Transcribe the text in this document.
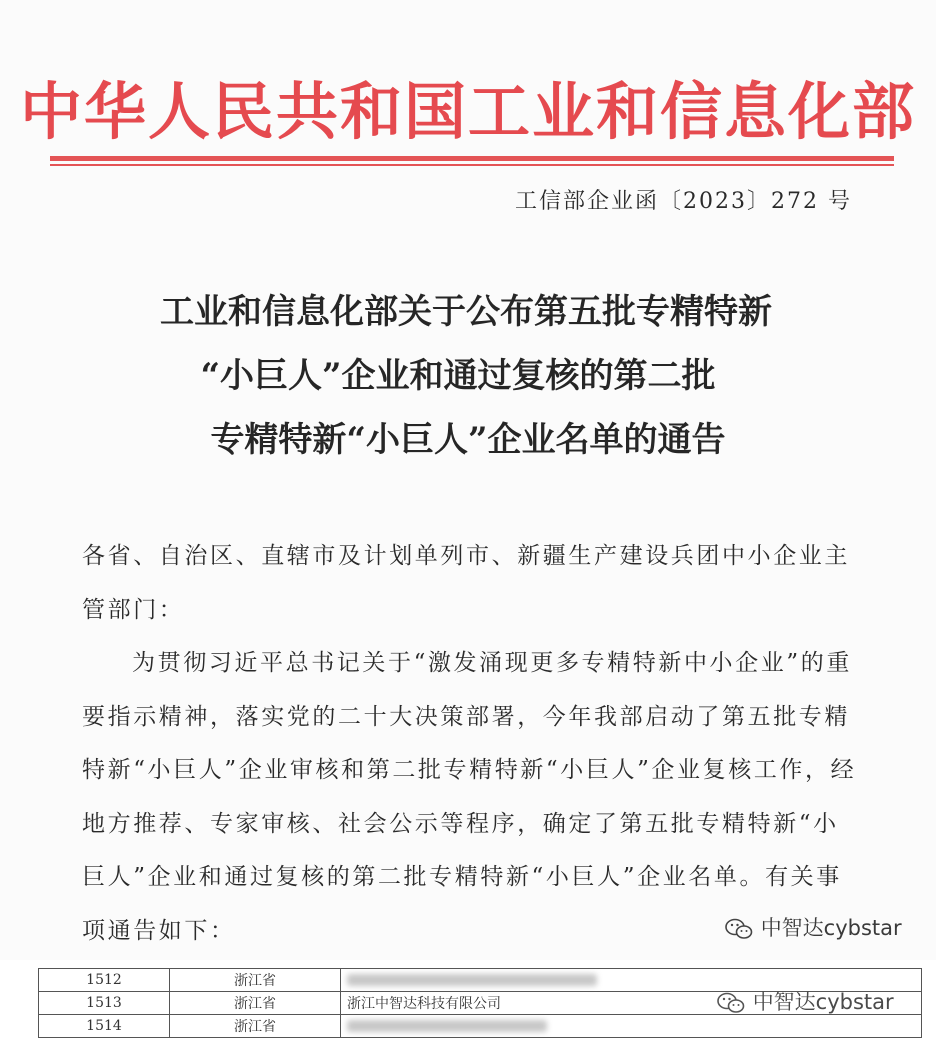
中华人民共和国工业和信息化部
工信部企业函〔2023〕272 号
工业和信息化部关于公布第五批专精特新
“小巨人”企业和通过复核的第二批
专精特新“小巨人”企业名单的通告

各省、自治区、直辖市及计划单列市、新疆生产建设兵团中小企业主管部门：

为贯彻习近平总书记关于“激发涌现更多专精特新中小企业”的重要指示精神，落实党的二十大决策部署，今年我部启动了第五批专精特新“小巨人”企业审核和第二批专精特新“小巨人”企业复核工作，经地方推荐、专家审核、社会公示等程序，确定了第五批专精特新“小巨人”企业和通过复核的第二批专精特新“小巨人”企业名单。有关事项通告如下：	中智达cybstar
1512	浙江省	
1513	浙江省	浙江中智达科技有限公司
1514	浙江省	
中智达cybstar
